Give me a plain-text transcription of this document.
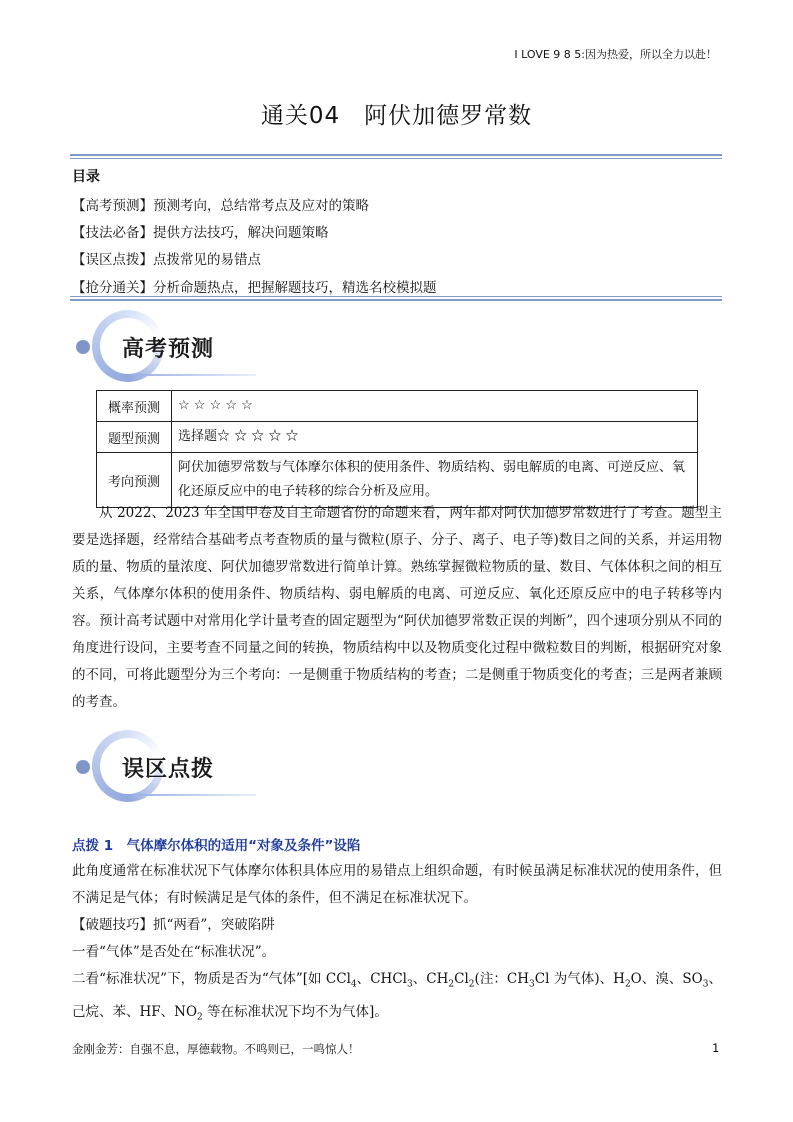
I LOVE 9 8 5:因为热爱，所以全力以赴！
通关04　阿伏加德罗常数
目录
【高考预测】预测考向，总结常考点及应对的策略
【技法必备】提供方法技巧，解决问题策略
【误区点拨】点拨常见的易错点
【抢分通关】分析命题热点，把握解题技巧，精选名校模拟题
高考预测
概率预测	☆ ☆ ☆ ☆ ☆
题型预测	选择题☆ ☆ ☆ ☆ ☆
考向预测	阿伏加德罗常数与气体摩尔体积的使用条件、物质结构、弱电解质的电离、可逆反应、氧化还原反应中的电子转移的综合分析及应用。

从 2022、2023 年全国甲卷及自主命题省份的命题来看，两年都对阿伏加德罗常数进行了考查。题型主要是选择题，经常结合基础考点考查物质的量与微粒(原子、分子、离子、电子等)数目之间的关系，并运用物质的量、物质的量浓度、阿伏加德罗常数进行简单计算。熟练掌握微粒物质的量、数目、气体体积之间的相互关系，气体摩尔体积的使用条件、物质结构、弱电解质的电离、可逆反应、氧化还原反应中的电子转移等内容。预计高考试题中对常用化学计量考查的固定题型为“阿伏加德罗常数正误的判断”，四个速项分别从不同的角度进行设问，主要考查不同量之间的转换，物质结构中以及物质变化过程中微粒数目的判断，根据研究对象的不同，可将此题型分为三个考向：一是侧重于物质结构的考查；二是侧重于物质变化的考查；三是两者兼顾的考查。

误区点拨
点拨 1　气体摩尔体积的适用“对象及条件”设陷

此角度通常在标准状况下气体摩尔体积具体应用的易错点上组织命题，有时候虽满足标准状况的使用条件，但不满足是气体；有时候满足是气体的条件，但不满足在标准状况下。

【破题技巧】抓“两看”，突破陷阱

一看“气体”是否处在“标准状况”。

二看“标准状况”下，物质是否为“气体”[如 CCl$_4$、CHCl$_3$、$CH_2Cl_2$(注：$CH_3Cl$ 为气体)、$H_2O$、溴、$SO_3$、己烷、苯、HF、$NO_2$ 等在标准状况下均不为气体]。

金刚金芳：自强不息，厚德载物。不鸣则已，一鸣惊人！	1
